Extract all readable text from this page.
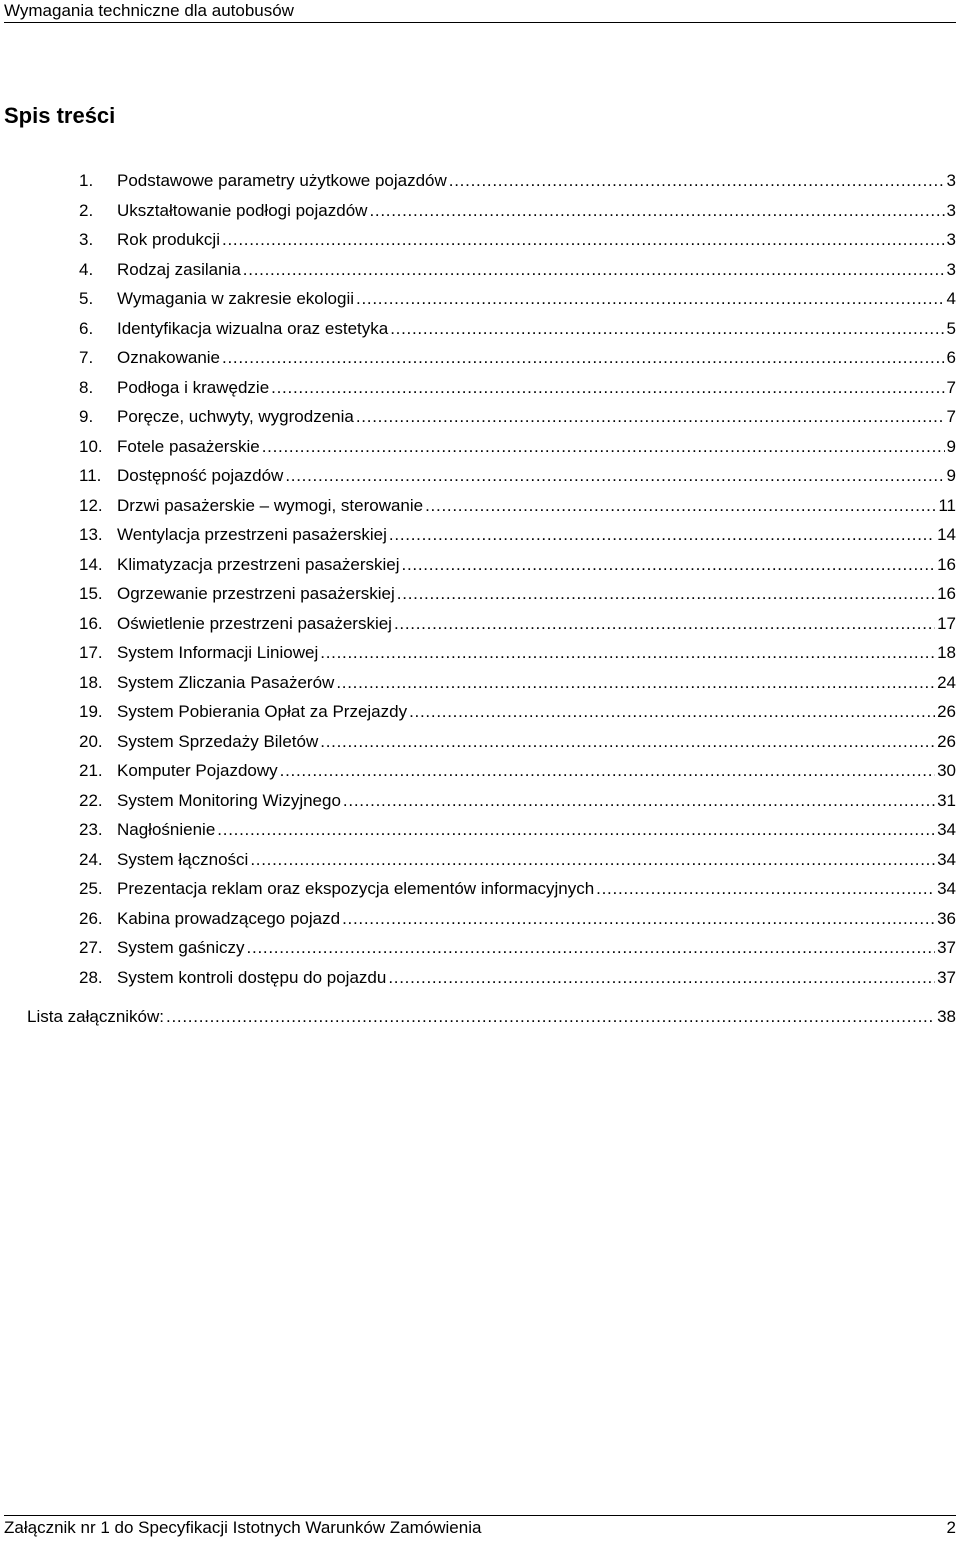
Wymagania techniczne dla autobusów
Spis treści
1. Podstawowe parametry użytkowe pojazdów . . .	3
2. Ukształtowanie podłogi pojazdów . . .	3
3. Rok produkcji . . .	3
4. Rodzaj zasilania . . .	3
5. Wymagania w zakresie ekologii . . .	4
6. Identyfikacja wizualna oraz estetyka . . .	5
7. Oznakowanie . . .	6
8. Podłoga i krawędzie . . .	7
9. Poręcze, uchwyty, wygrodzenia . . .	7
10. Fotele pasażerskie . . .	9
11. Dostępność pojazdów . . .	9
12. Drzwi pasażerskie – wymogi, sterowanie . . .	11
13. Wentylacja przestrzeni pasażerskiej . . .	14
14. Klimatyzacja przestrzeni pasażerskiej . . .	16
15. Ogrzewanie przestrzeni pasażerskiej . . .	16
16. Oświetlenie przestrzeni pasażerskiej . . .	17
17. System Informacji Liniowej . . .	18
18. System Zliczania Pasażerów . . .	24
19. System Pobierania Opłat za Przejazdy . . .	26
20. System Sprzedaży Biletów . . .	26
21. Komputer Pojazdowy . . .	30
22. System Monitoring Wizyjnego . . .	31
23. Nagłośnienie . . .	34
24. System łączności . . .	34
25. Prezentacja reklam oraz ekspozycja elementów informacyjnych . . .	34
26. Kabina prowadzącego pojazd . . .	36
27. System gaśniczy . . .	37
28. System kontroli dostępu do pojazdu . . .	37
Lista załączników: . . .	38
Załącznik nr 1 do Specyfikacji Istotnych Warunków Zamówienia	2
